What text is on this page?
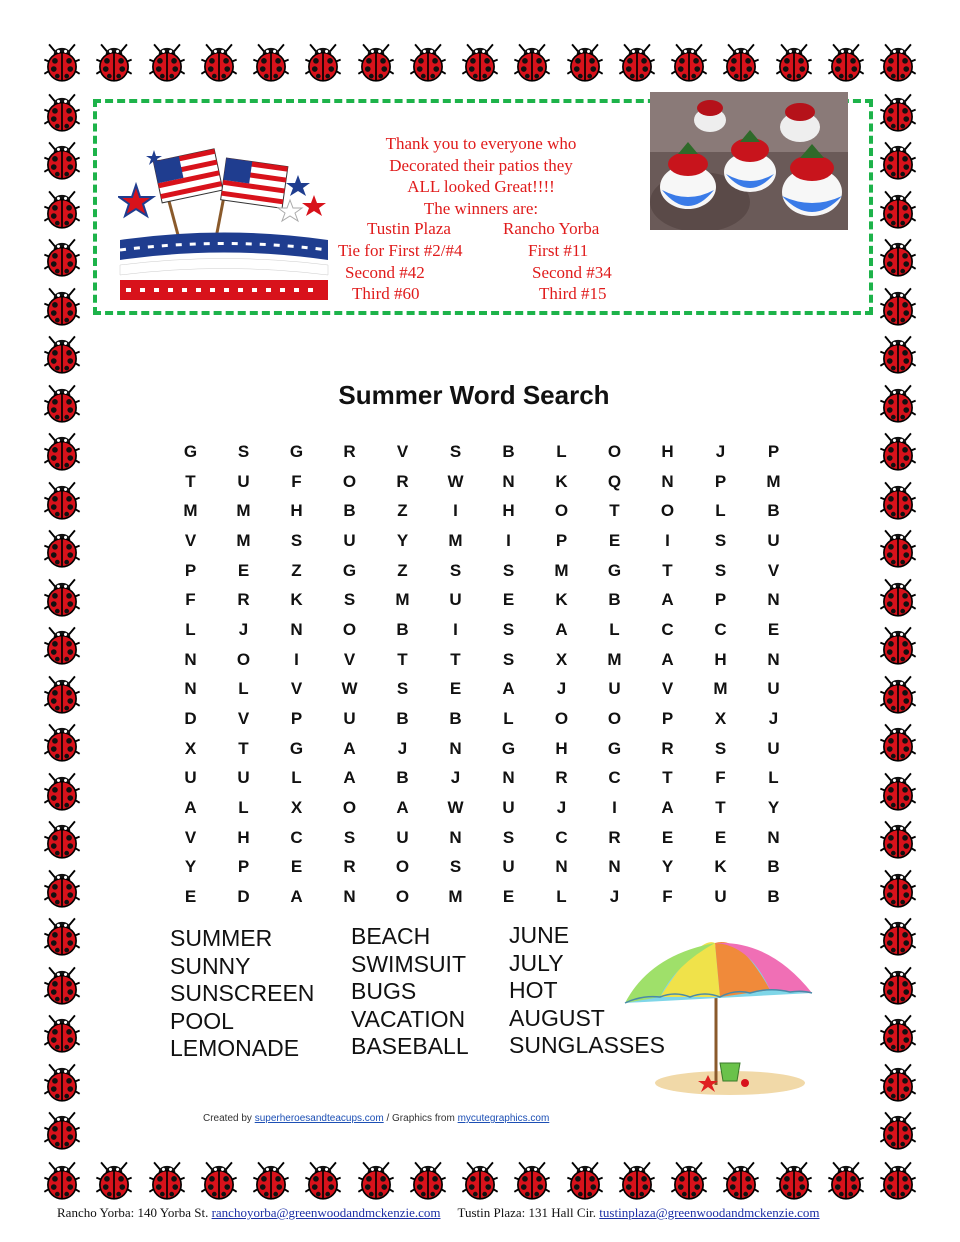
Thank you to everyone who
Decorated their patios they
ALL looked Great!!!!
The winners are:
Tustin Plaza	Rancho Yorba
Tie for First #2/#4	First #11
Second #42	Second #34
Third #60	Third #15
Summer Word Search
G	S	G	R	V	S	B	L	O	H	J	P
T	U	F	O	R	W	N	K	Q	N	P	M
M	M	H	B	Z	I	H	O	T	O	L	B
V	M	S	U	Y	M	I	P	E	I	S	U
P	E	Z	G	Z	S	S	M	G	T	S	V
F	R	K	S	M	U	E	K	B	A	P	N
L	J	N	O	B	I	S	A	L	C	C	E
N	O	I	V	T	T	S	X	M	A	H	N
N	L	V	W	S	E	A	J	U	V	M	U
D	V	P	U	B	B	L	O	O	P	X	J
X	T	G	A	J	N	G	H	G	R	S	U
U	U	L	A	B	J	N	R	C	T	F	L
A	L	X	O	A	W	U	J	I	A	T	Y
V	H	C	S	U	N	S	C	R	E	E	N
Y	P	E	R	O	S	U	N	N	Y	K	B
E	D	A	N	O	M	E	L	J	F	U	B
SUMMER
SUNNY
SUNSCREEN
POOL
LEMONADE
BEACH
SWIMSUIT
BUGS
VACATION
BASEBALL
JUNE
JULY
HOT
AUGUST
SUNGLASSES
Created by superheroesandteacups.com / Graphics from mycutegraphics.com
Rancho Yorba: 140 Yorba St. ranchoyorba@greenwoodandmckenzie.com Tustin Plaza: 131 Hall Cir. tustinplaza@greenwoodandmckenzie.com
